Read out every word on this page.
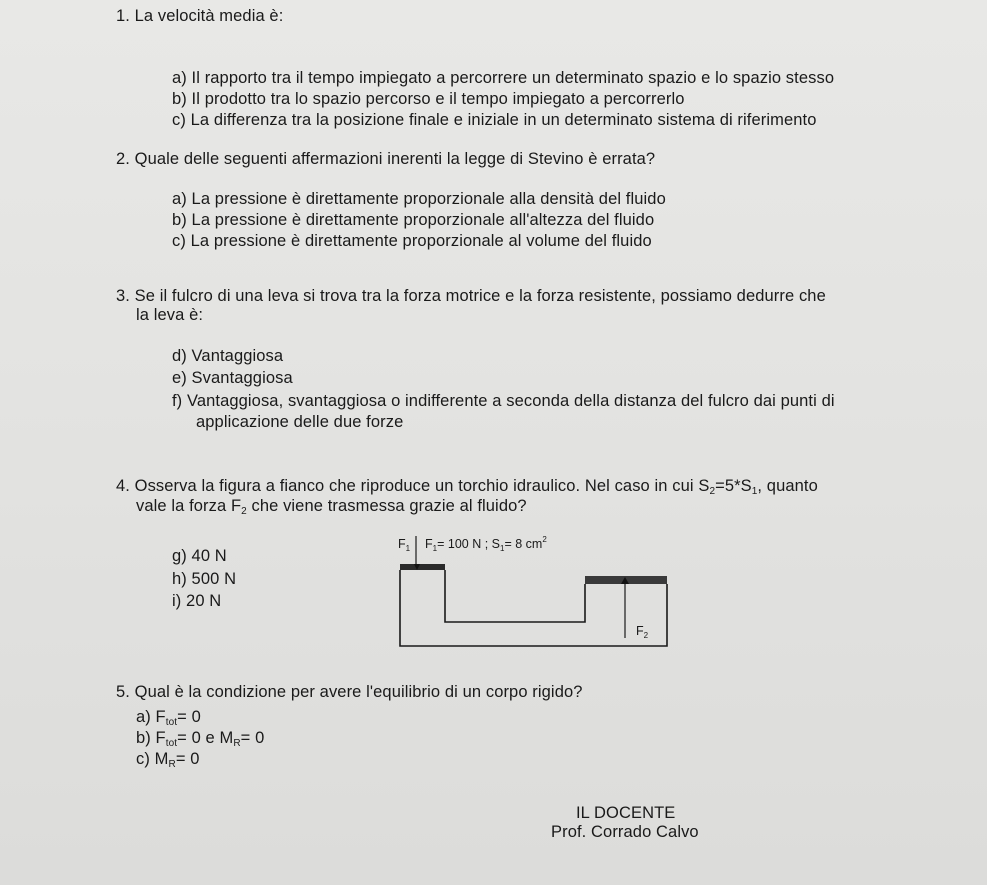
1. La velocità media è:
a) Il rapporto tra il tempo impiegato a percorrere un determinato spazio e lo spazio stesso
b) Il prodotto tra lo spazio percorso e il tempo impiegato a percorrerlo
c) La differenza tra la posizione finale e iniziale in un determinato sistema di riferimento
2. Quale delle seguenti affermazioni inerenti la legge di Stevino è errata?
a) La pressione è direttamente proporzionale alla densità del fluido
b) La pressione è direttamente proporzionale all'altezza del fluido
c) La pressione è direttamente proporzionale al volume del fluido
3. Se il fulcro di una leva si trova tra la forza motrice e la forza resistente, possiamo dedurre che
la leva è:
d) Vantaggiosa
e) Svantaggiosa
f) Vantaggiosa, svantaggiosa o indifferente a seconda della distanza del fulcro dai punti di
applicazione delle due forze
4. Osserva la figura a fianco che riproduce un torchio idraulico. Nel caso in cui $S_2=5*S_1$, quanto
vale la forza $F_2$ che viene trasmessa grazie al fluido?
g) 40 N
h) 500 N
i) 20 N
$F_1$ $F_1= 100$ N ; $S_1= 8$ $cm^2$
$F_2$
5. Qual è la condizione per avere l'equilibrio di un corpo rigido?
a) $F_{tot}= 0$
b) $F_{tot}= 0$ e $M_R= 0$
c) $M_R= 0$
IL DOCENTE
Prof. Corrado Calvo
